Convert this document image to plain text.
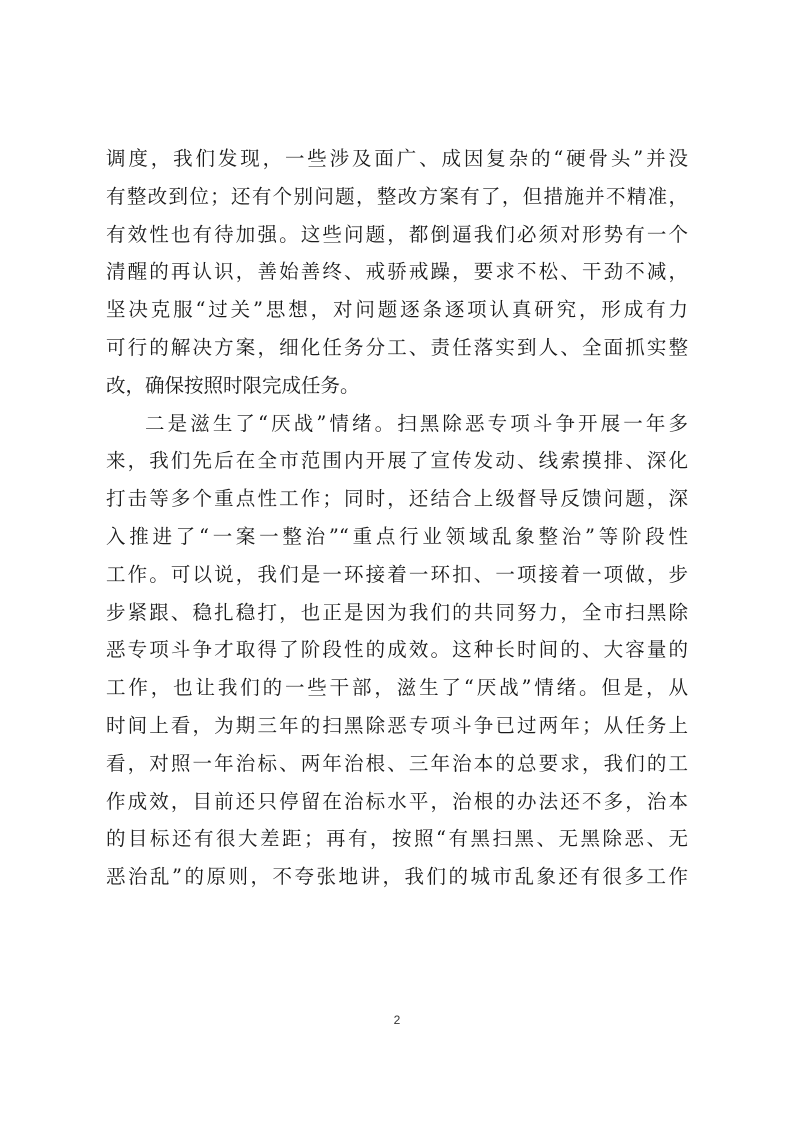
调度，我们发现，一些涉及面广、成因复杂的“硬骨头”并没
有整改到位；还有个别问题，整改方案有了，但措施并不精准，
有效性也有待加强。这些问题，都倒逼我们必须对形势有一个
清醒的再认识，善始善终、戒骄戒躁，要求不松、干劲不减，
坚决克服“过关”思想，对问题逐条逐项认真研究，形成有力
可行的解决方案，细化任务分工、责任落实到人、全面抓实整
改，确保按照时限完成任务。
二是滋生了“厌战”情绪。扫黑除恶专项斗争开展一年多
来，我们先后在全市范围内开展了宣传发动、线索摸排、深化
打击等多个重点性工作；同时，还结合上级督导反馈问题，深
入推进了“一案一整治”“重点行业领域乱象整治”等阶段性
工作。可以说，我们是一环接着一环扣、一项接着一项做，步
步紧跟、稳扎稳打，也正是因为我们的共同努力，全市扫黑除
恶专项斗争才取得了阶段性的成效。这种长时间的、大容量的
工作，也让我们的一些干部，滋生了“厌战”情绪。但是，从
时间上看，为期三年的扫黑除恶专项斗争已过两年；从任务上
看，对照一年治标、两年治根、三年治本的总要求，我们的工
作成效，目前还只停留在治标水平，治根的办法还不多，治本
的目标还有很大差距；再有，按照“有黑扫黑、无黑除恶、无
恶治乱”的原则，不夸张地讲，我们的城市乱象还有很多工作
2
